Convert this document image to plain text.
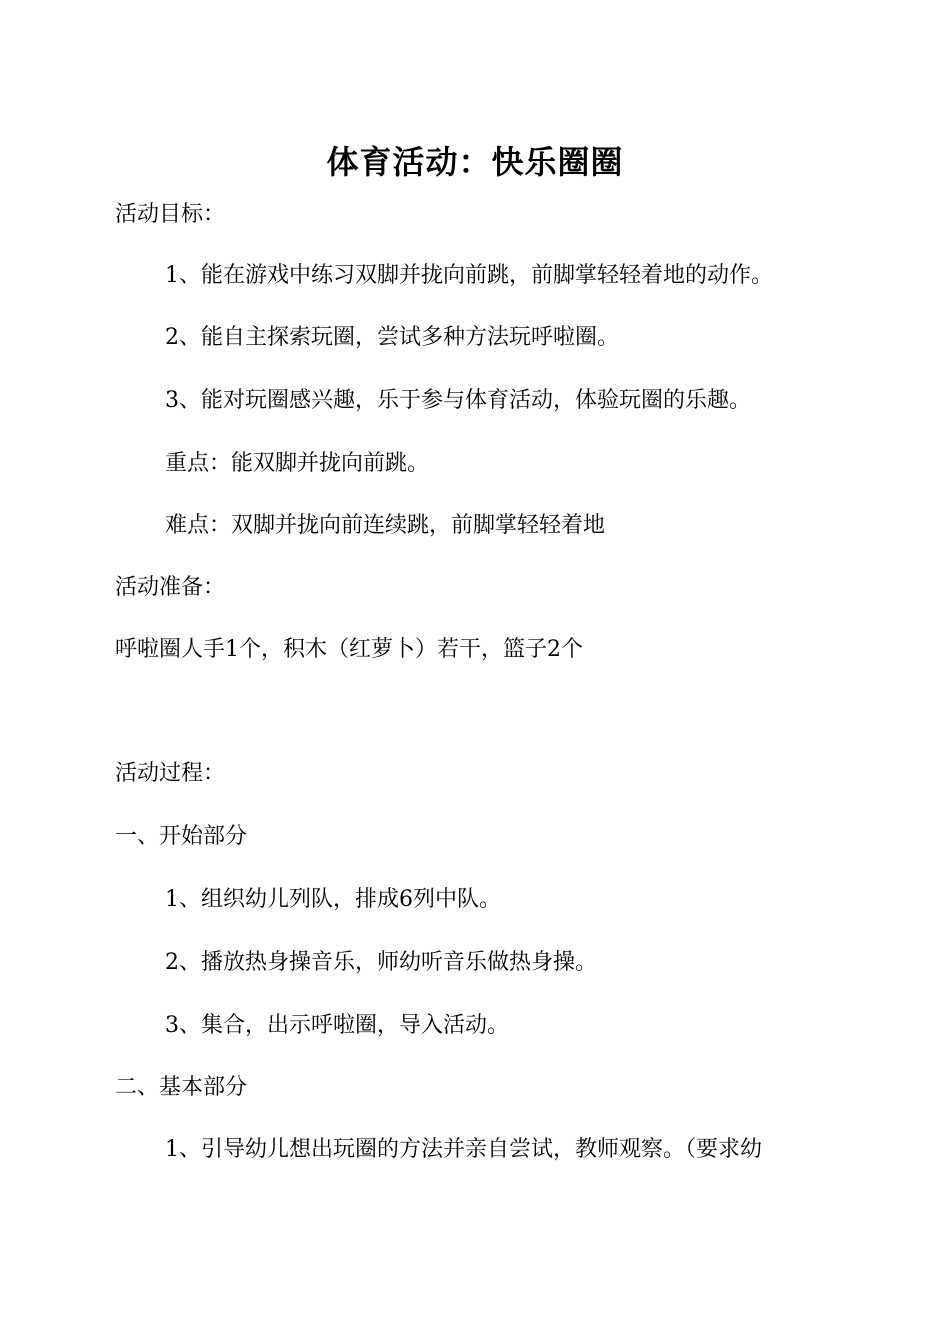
体育活动：快乐圈圈
活动目标：
1、能在游戏中练习双脚并拢向前跳，前脚掌轻轻着地的动作。
2、能自主探索玩圈，尝试多种方法玩呼啦圈。
3、能对玩圈感兴趣，乐于参与体育活动，体验玩圈的乐趣。
重点：能双脚并拢向前跳。
难点：双脚并拢向前连续跳，前脚掌轻轻着地
活动准备：
呼啦圈人手1个，积木（红萝卜）若干，篮子2个
活动过程：
一、开始部分
1、组织幼儿列队，排成6列中队。
2、播放热身操音乐，师幼听音乐做热身操。
3、集合，出示呼啦圈，导入活动。
二、基本部分
1、引导幼儿想出玩圈的方法并亲自尝试，教师观察。（要求幼
